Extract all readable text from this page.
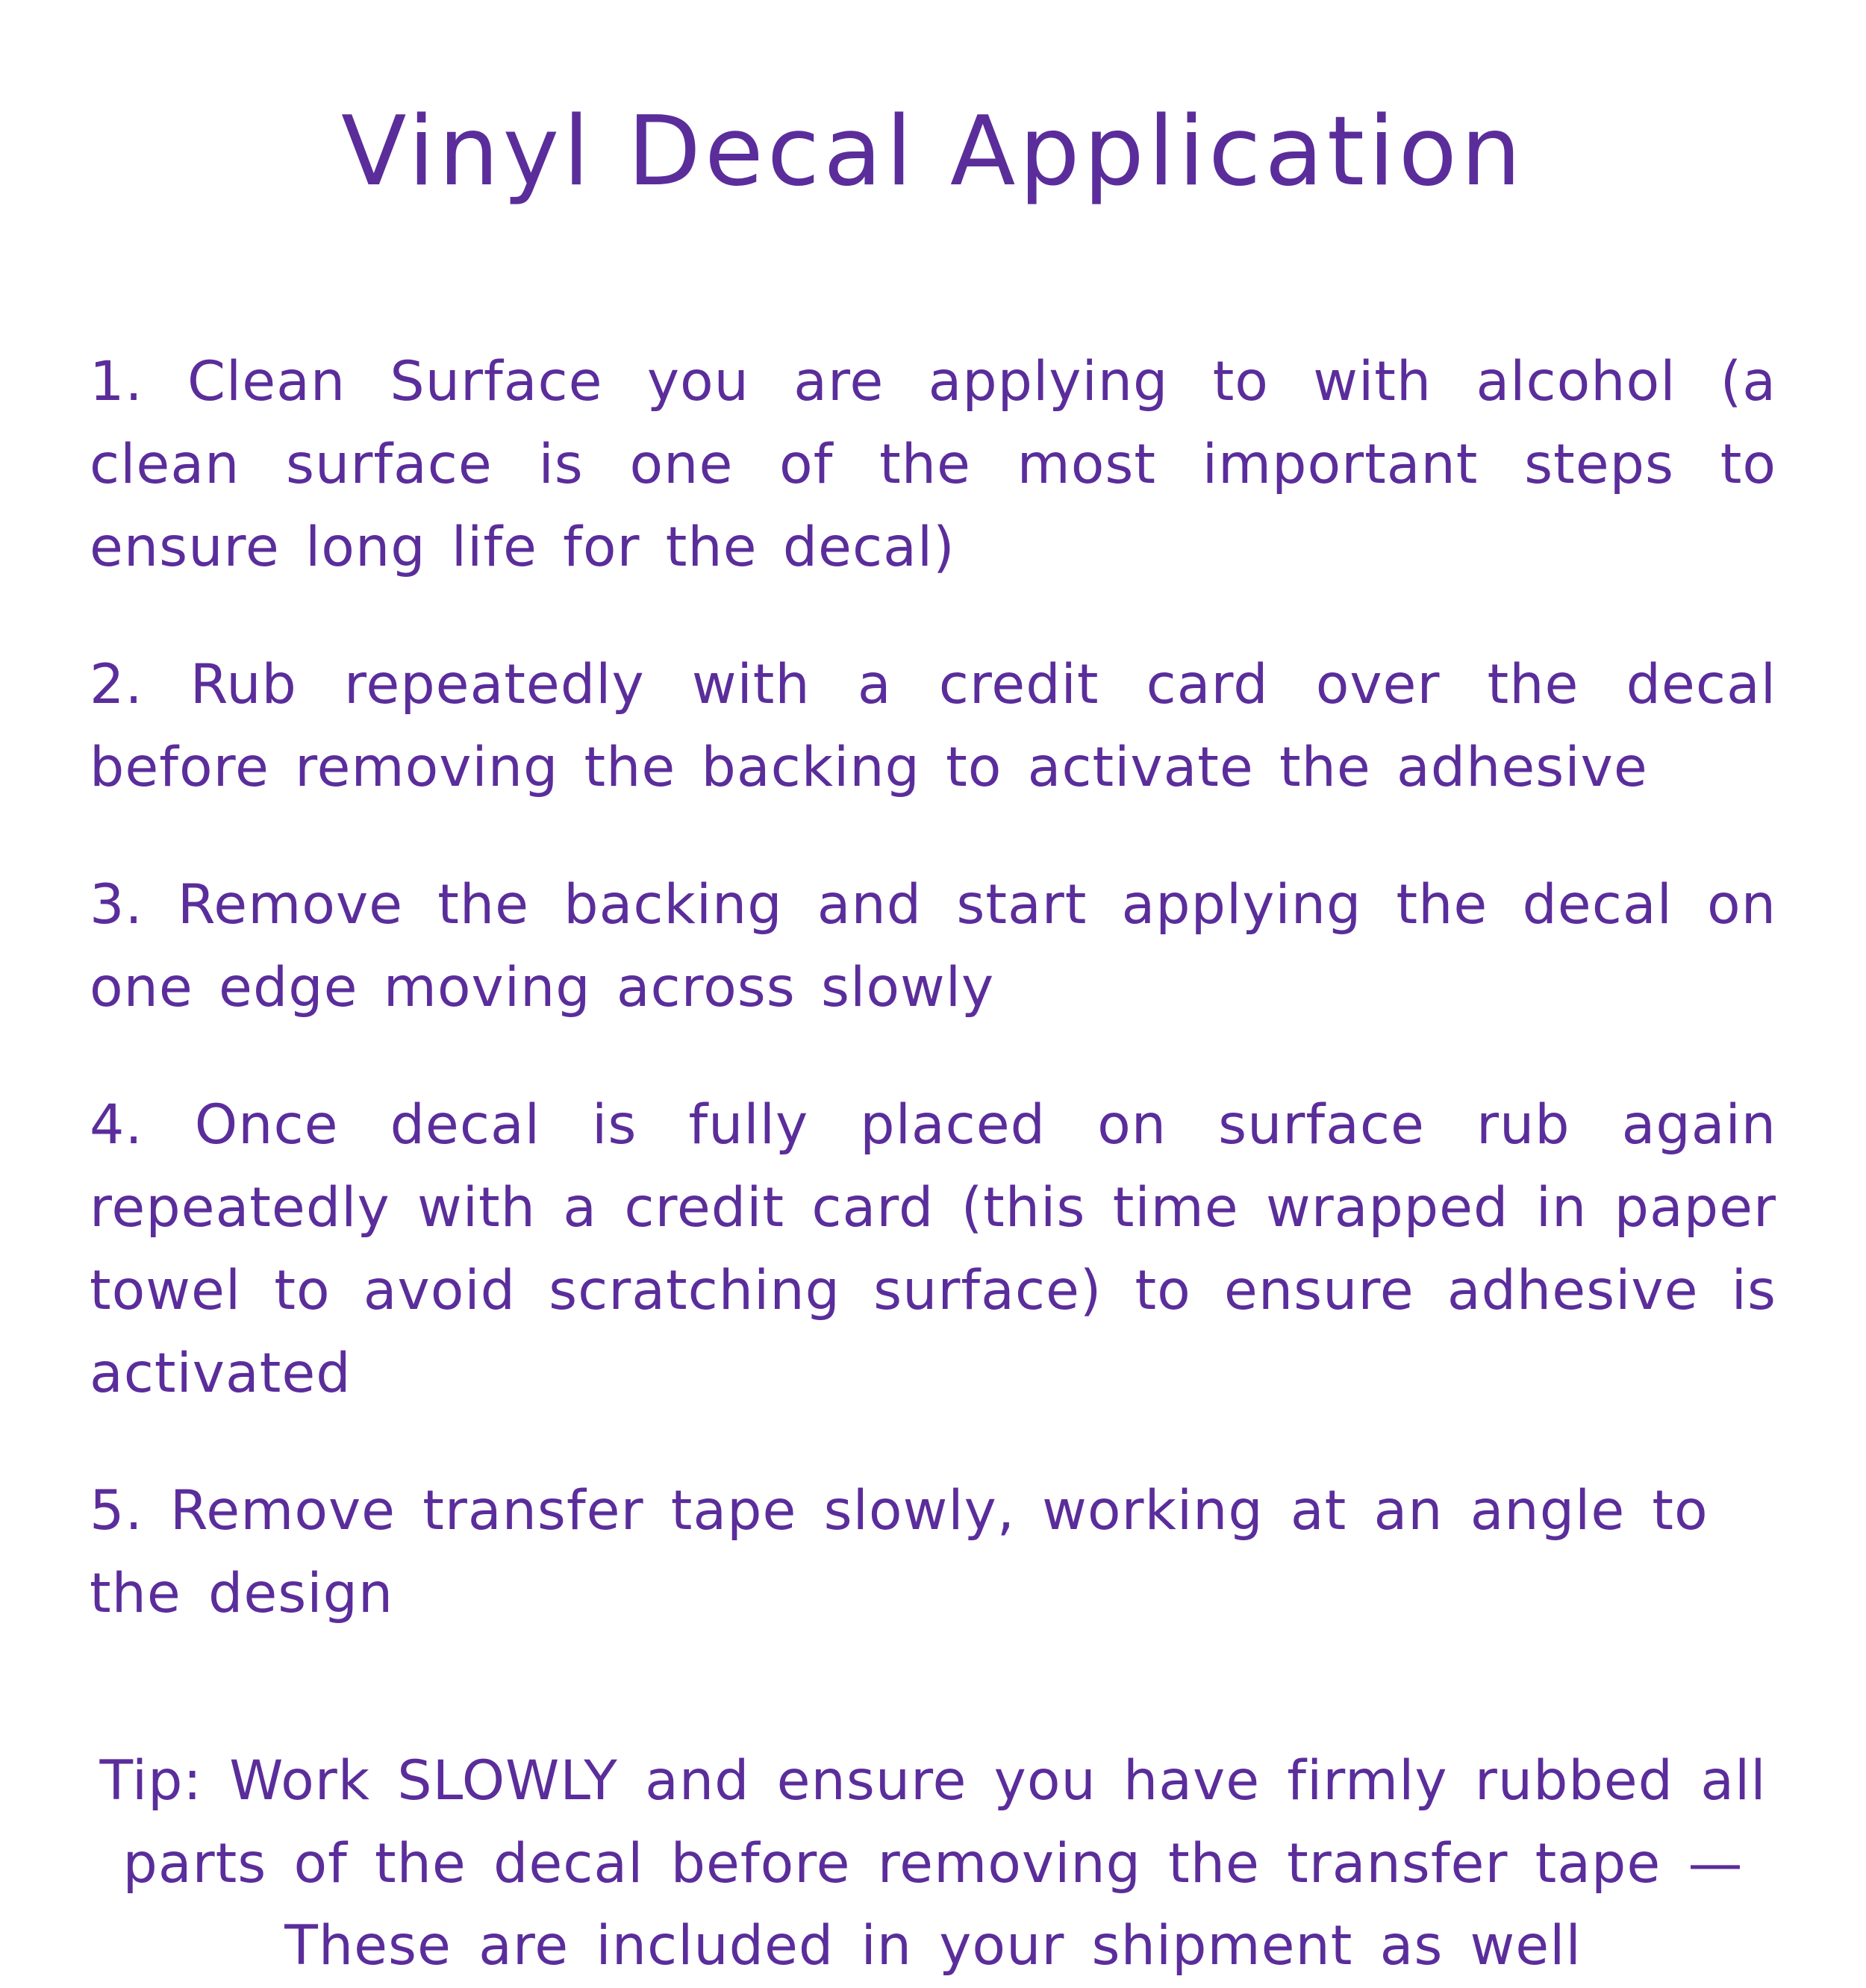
Vinyl Decal Application

1. Clean Surface you are applying to with alcohol (a clean surface is one of the most important steps to ensure long life for the decal)

2. Rub repeatedly with a credit card over the decal before removing the backing to activate the adhesive

3. Remove the backing and start applying the decal on one edge moving across slowly

4. Once decal is fully placed on surface rub again repeatedly with a credit card (this time wrapped in paper towel to avoid scratching surface) to ensure adhesive is activated

5. Remove transfer tape slowly, working at an angle to the design

Tip: Work SLOWLY and ensure you have firmly rubbed all parts of the decal before removing the transfer tape — These are included in your shipment as well
